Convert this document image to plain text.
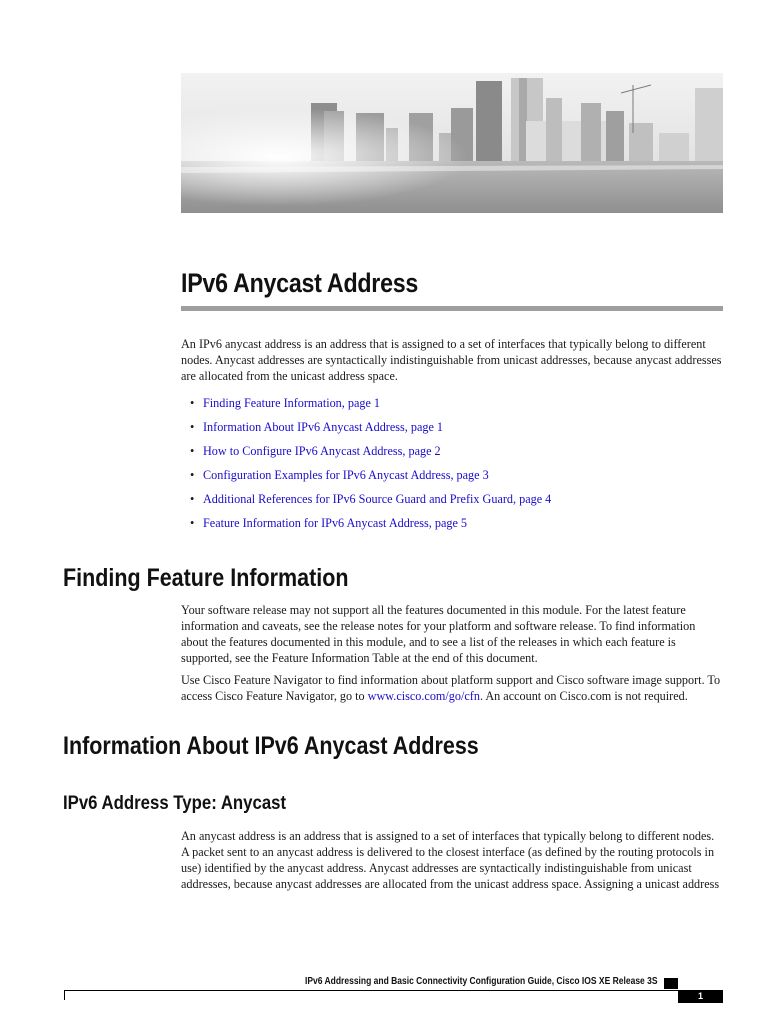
IPv6 Anycast Address

An IPv6 anycast address is an address that is assigned to a set of interfaces that typically belong to different nodes. Anycast addresses are syntactically indistinguishable from unicast addresses, because anycast addresses are allocated from the unicast address space.

• Finding Feature Information, page 1
• Information About IPv6 Anycast Address, page 1
• How to Configure IPv6 Anycast Address, page 2
• Configuration Examples for IPv6 Anycast Address, page 3
• Additional References for IPv6 Source Guard and Prefix Guard, page 4
• Feature Information for IPv6 Anycast Address, page 5
Finding Feature Information

Your software release may not support all the features documented in this module. For the latest feature information and caveats, see the release notes for your platform and software release. To find information about the features documented in this module, and to see a list of the releases in which each feature is supported, see the Feature Information Table at the end of this document.

Use Cisco Feature Navigator to find information about platform support and Cisco software image support. To access Cisco Feature Navigator, go to www.cisco.com/go/cfn. An account on Cisco.com is not required.

Information About IPv6 Anycast Address
IPv6 Address Type: Anycast

An anycast address is an address that is assigned to a set of interfaces that typically belong to different nodes. A packet sent to an anycast address is delivered to the closest interface (as defined by the routing protocols in use) identified by the anycast address. Anycast addresses are syntactically indistinguishable from unicast addresses, because anycast addresses are allocated from the unicast address space. Assigning a unicast address

IPv6 Addressing and Basic Connectivity Configuration Guide, Cisco IOS XE Release 3S
1
